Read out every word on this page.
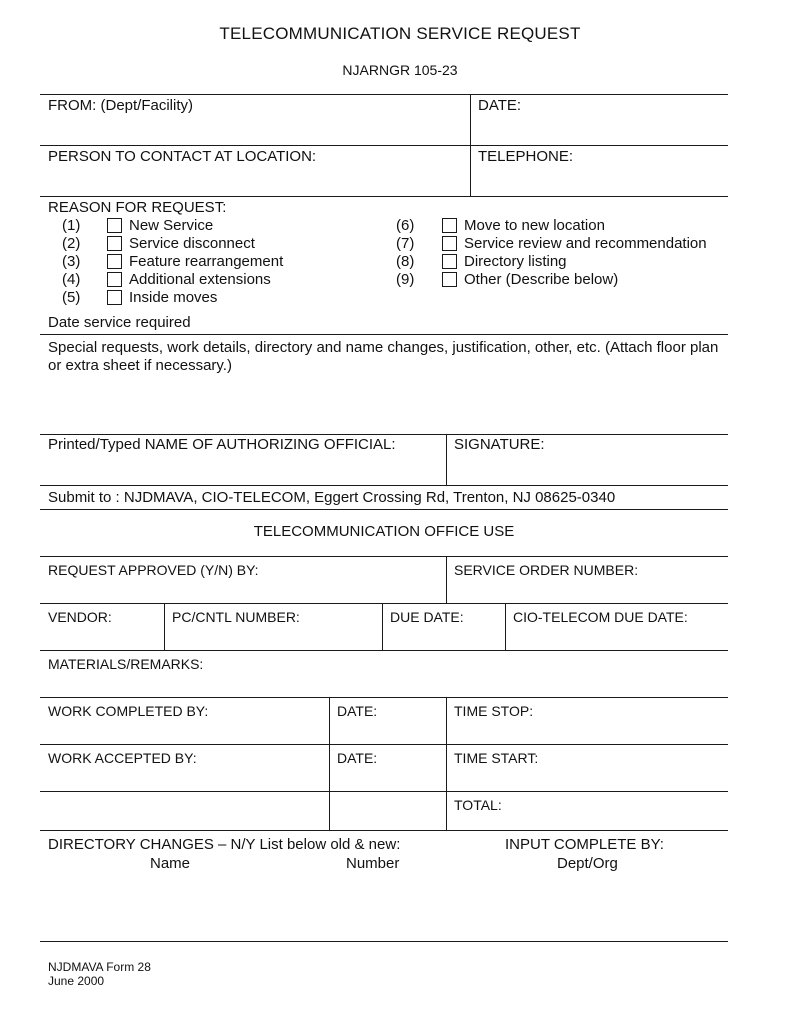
TELECOMMUNICATION SERVICE REQUEST
NJARNGR 105-23
FROM: (Dept/Facility)	DATE:
PERSON TO CONTACT AT LOCATION:	TELEPHONE:
REASON FOR REQUEST:
(1)	New Service
(2)	Service disconnect
(3)	Feature rearrangement
(4)	Additional extensions
(5)	Inside moves
(6)	Move to new location
(7)	Service review and recommendation
(8)	Directory listing
(9)	Other (Describe below)
Date service required
Special requests, work details, directory and name changes, justification, other, etc. (Attach floor plan or extra sheet if necessary.)
Printed/Typed NAME OF AUTHORIZING OFFICIAL:	SIGNATURE:
Submit to : NJDMAVA, CIO-TELECOM, Eggert Crossing Rd, Trenton, NJ 08625-0340
TELECOMMUNICATION OFFICE USE
REQUEST APPROVED (Y/N) BY:	SERVICE ORDER NUMBER:
VENDOR:	PC/CNTL NUMBER:	DUE DATE:	CIO-TELECOM DUE DATE:
MATERIALS/REMARKS:
WORK COMPLETED BY:	DATE:	TIME STOP:
WORK ACCEPTED BY:	DATE:	TIME START:
TOTAL:
DIRECTORY CHANGES – N/Y List below old & new:	INPUT COMPLETE BY:
Name	Number	Dept/Org
NJDMAVA Form 28
June 2000
